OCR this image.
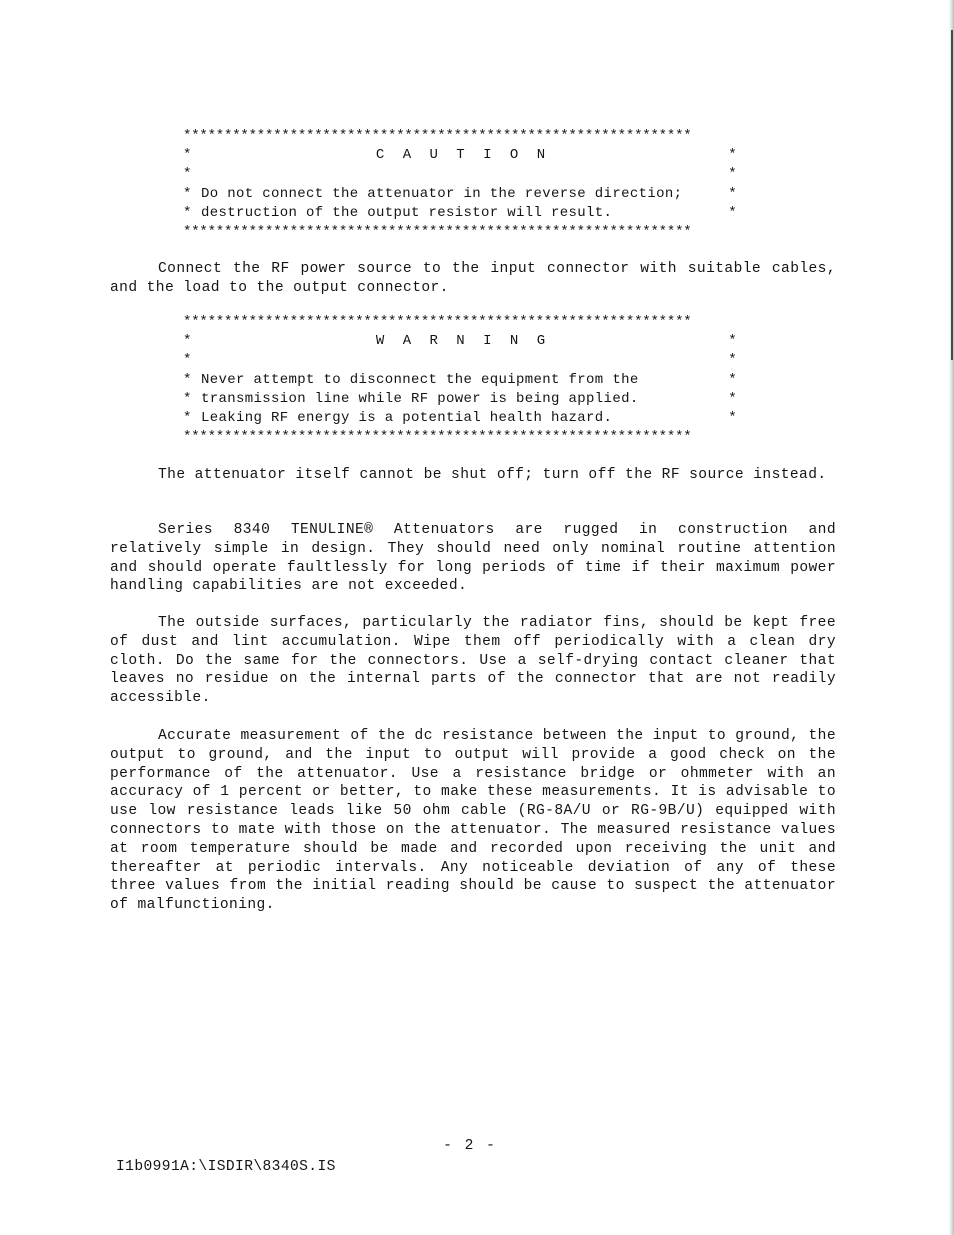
**************************************************************

*

	C A U T I O N

	*

*

	*

*

Do not connect the attenuator in the reverse direction;

	*

*

destruction of the output resistor will result.

	*

**************************************************************

Connect the RF power source to the input connector with suitable cables, and the load to the output connector.

**************************************************************

*

	W A R N I N G

	*

*

	*

*

Never attempt to disconnect the equipment from the

	*

*

transmission line while RF power is being applied.

	*

*

Leaking RF energy is a potential health hazard.

	*

**************************************************************

The attenuator itself cannot be shut off; turn off the RF source instead.

Series 8340 TENULINE® Attenuators are rugged in construction and relatively simple in design. They should need only nominal routine attention and should operate faultlessly for long periods of time if their maximum power handling capabilities are not exceeded.

The outside surfaces, particularly the radiator fins, should be kept free of dust and lint accumulation. Wipe them off periodically with a clean dry cloth. Do the same for the connectors. Use a self-drying contact cleaner that leaves no residue on the internal parts of the connector that are not readily accessible.

Accurate measurement of the dc resistance between the input to ground, the output to ground, and the input to output will provide a good check on the performance of the attenuator. Use a resistance bridge or ohmmeter with an accuracy of 1 percent or better, to make these measurements. It is advisable to use low resistance leads like 50 ohm cable (RG-8A/U or RG-9B/U) equipped with connectors to mate with those on the attenuator. The measured resistance values at room temperature should be made and recorded upon receiving the unit and thereafter at periodic intervals. Any noticeable deviation of any of these three values from the initial reading should be cause to suspect the attenuator of malfunctioning.

- 2 -
I1b0991A:\ISDIR\8340S.IS
